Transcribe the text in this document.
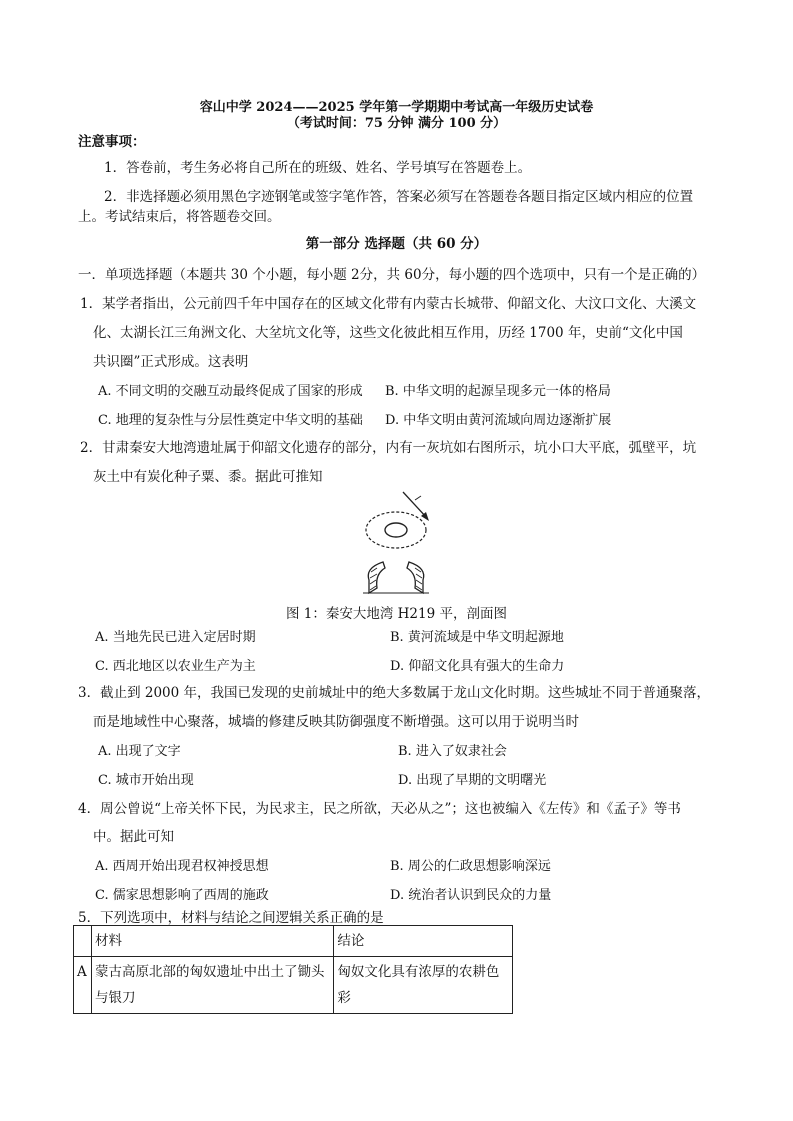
容山中学 2024——2025 学年第一学期期中考试高一年级历史试卷
（考试时间：75 分钟 满分 100 分）
注意事项：
1．答卷前，考生务必将自己所在的班级、姓名、学号填写在答题卷上。
2．非选择题必须用黑色字迹钢笔或签字笔作答，答案必须写在答题卷各题目指定区域内相应的位置
上。考试结束后，将答题卷交回。
第一部分 选择题（共 60 分）
一．单项选择题（本题共 30 个小题，每小题 2分，共 60分，每小题的四个选项中，只有一个是正确的）
1．某学者指出，公元前四千年中国存在的区域文化带有内蒙古长城带、仰韶文化、大汶口文化、大溪文
化、太湖长江三角洲文化、大坌坑文化等，这些文化彼此相互作用，历经 1700 年，史前“文化中国
共识圈”正式形成。这表明
A. 不同文明的交融互动最终促成了国家的形成 B. 中华文明的起源呈现多元一体的格局
C. 地理的复杂性与分层性奠定中华文明的基础 D. 中华文明由黄河流域向周边逐渐扩展
2．甘肃秦安大地湾遗址属于仰韶文化遗存的部分，内有一灰坑如右图所示，坑小口大平底，弧壁平，坑
灰土中有炭化种子粟、黍。据此可推知
图 1：秦安大地湾 H219 平，剖面图
A. 当地先民已进入定居时期	B. 黄河流域是中华文明起源地
C. 西北地区以农业生产为主	D. 仰韶文化具有强大的生命力
3．截止到 2000 年，我国已发现的史前城址中的绝大多数属于龙山文化时期。这些城址不同于普通聚落，
而是地域性中心聚落，城墙的修建反映其防御强度不断增强。这可以用于说明当时
A. 出现了文字	B. 进入了奴隶社会
C. 城市开始出现	D. 出现了早期的文明曙光
4．周公曾说“上帝关怀下民，为民求主，民之所欲，天必从之”；这也被编入《左传》和《孟子》等书
中。据此可知
A. 西周开始出现君权神授思想	B. 周公的仁政思想影响深远
C. 儒家思想影响了西周的施政	D. 统治者认识到民众的力量
5．下列选项中，材料与结论之间逻辑关系正确的是
	材料	结论
A	蒙古高原北部的匈奴遗址中出土了锄头与银刀	匈奴文化具有浓厚的农耕色彩
